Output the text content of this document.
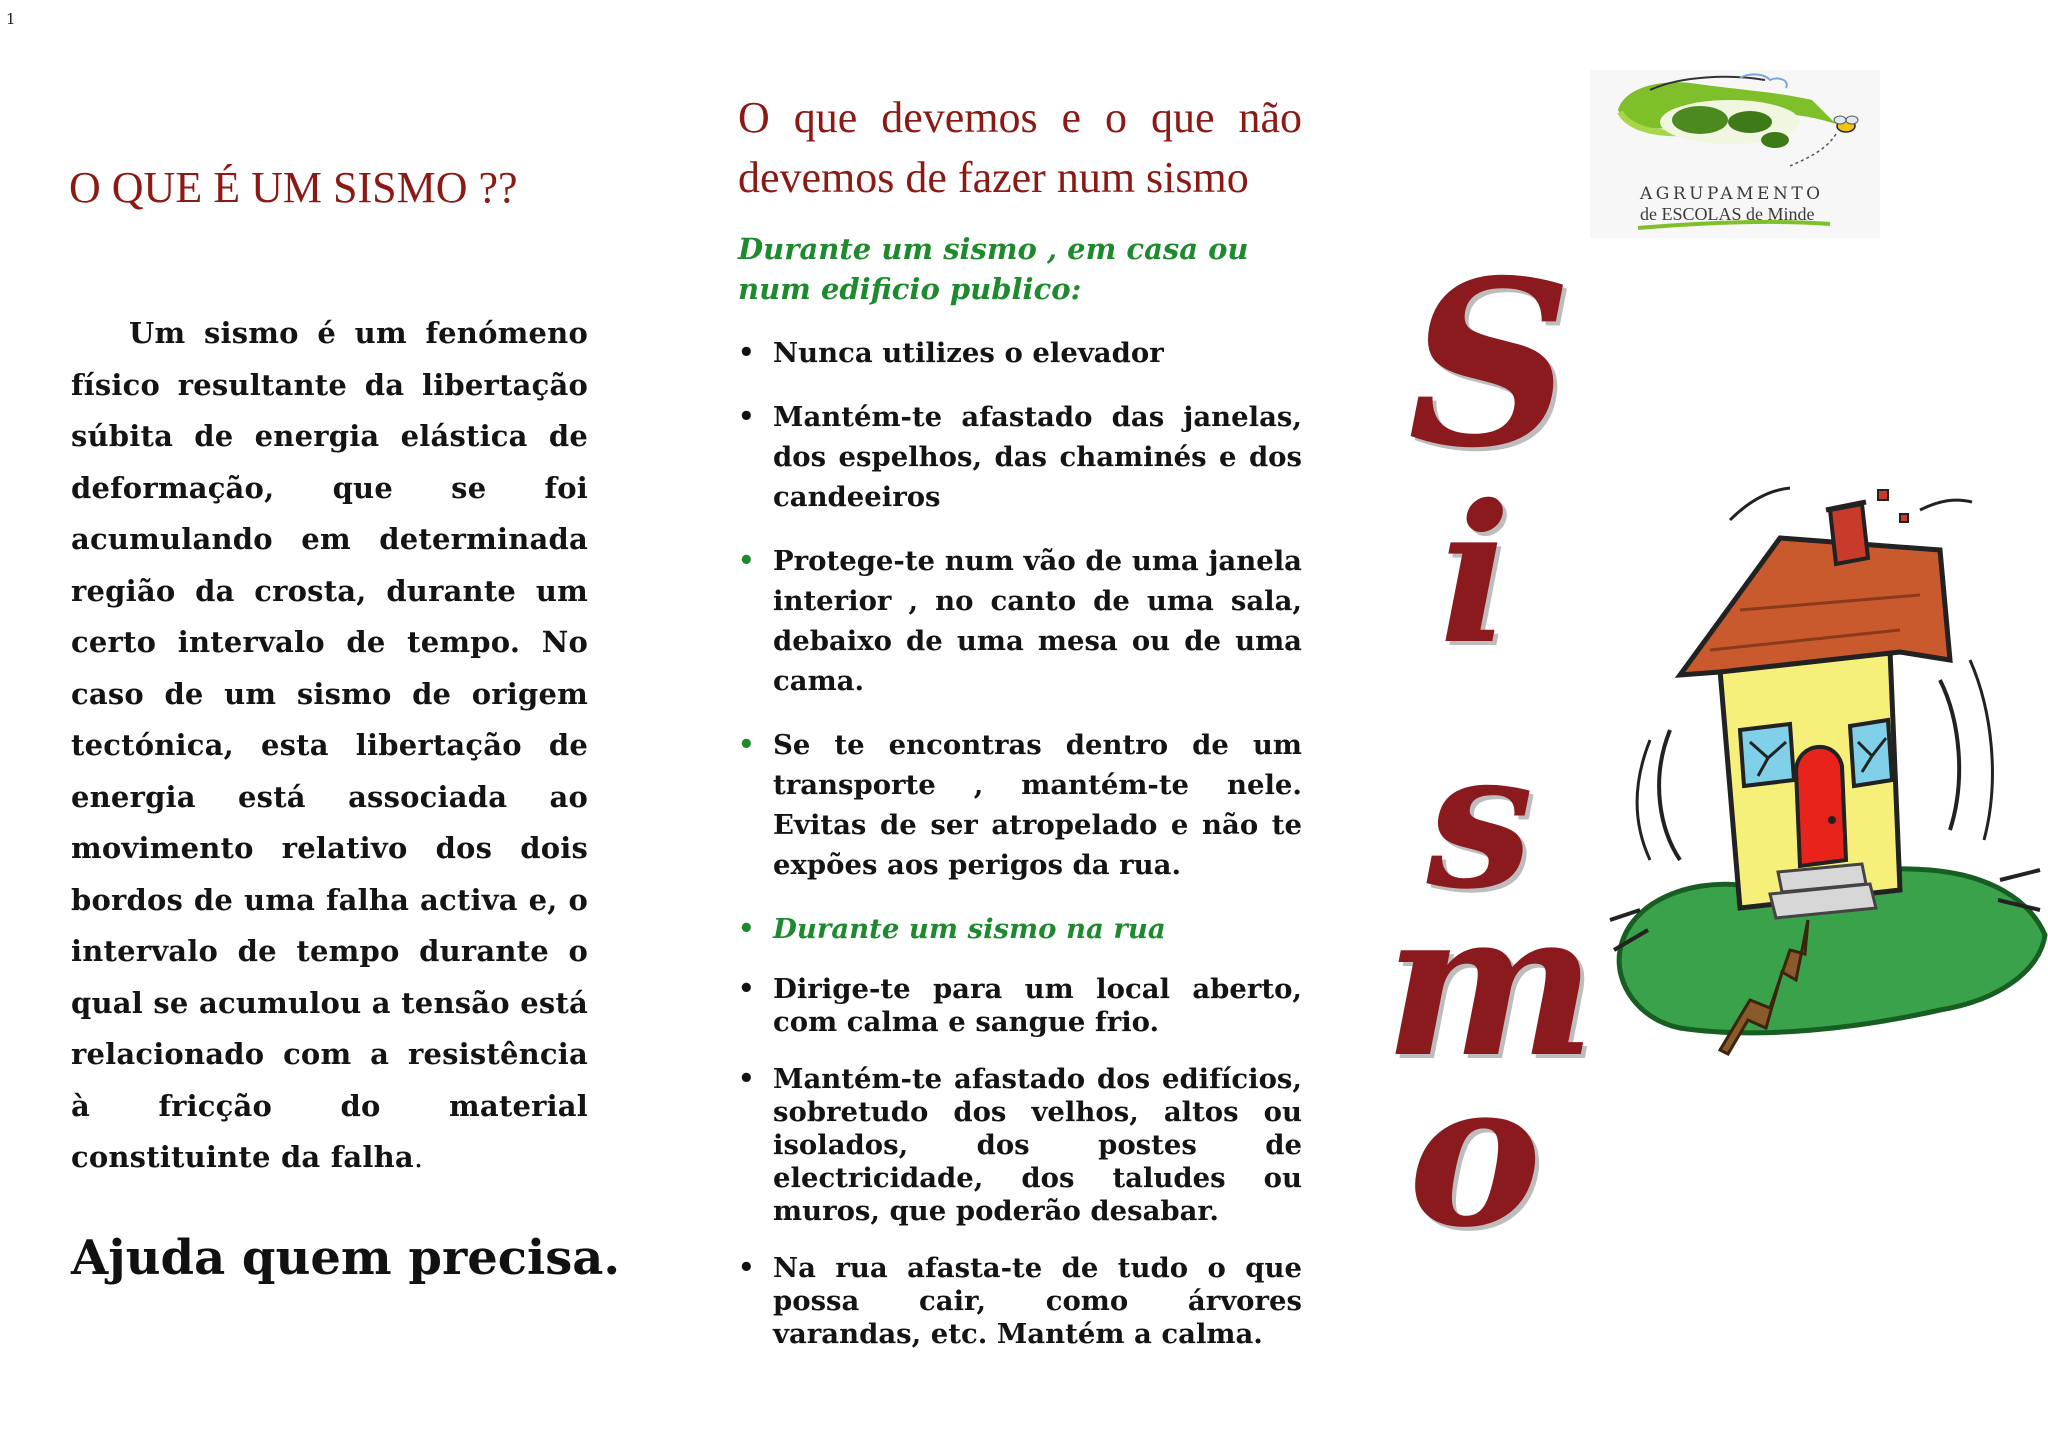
1
O QUE É UM SISMO ??

Um sismo é um fenómeno físico resultante da libertação súbita de energia elástica de deformação, que se foi acumulando em determinada região da crosta, durante um certo intervalo de tempo. No caso de um sismo de origem tectónica, esta libertação de energia está associada ao movimento relativo dos dois bordos de uma falha activa e, o intervalo de tempo durante o qual se acumulou a tensão está relacionado com a resistência à fricção do material constituinte da falha.

Ajuda quem precisa.
O que devemos e o que não devemos de fazer num sismo

Durante um sismo , em casa ou num edificio publico:

• Nunca utilizes o elevador
• Mantém-te afastado das janelas, dos espelhos, das chaminés e dos candeeiros
• Protege-te num vão de uma janela interior , no canto de uma sala, debaixo de uma mesa ou de uma cama.
• Se te encontras dentro de um transporte , mantém-te nele. Evitas de ser atropelado e não te expões aos perigos da rua.
• Durante um sismo na rua
• Dirige-te para um local aberto, com calma e sangue frio.
• Mantém-te afastado dos edifícios, sobretudo dos velhos, altos ou isolados, dos postes de electricidade, dos taludes ou muros, que poderão desabar.
• Na rua afasta-te de tudo o que possa cair, como árvores varandas, etc. Mantém a calma.
AGRUPAMENTO
de ESCOLAS de Minde
S
i
s
m
o
